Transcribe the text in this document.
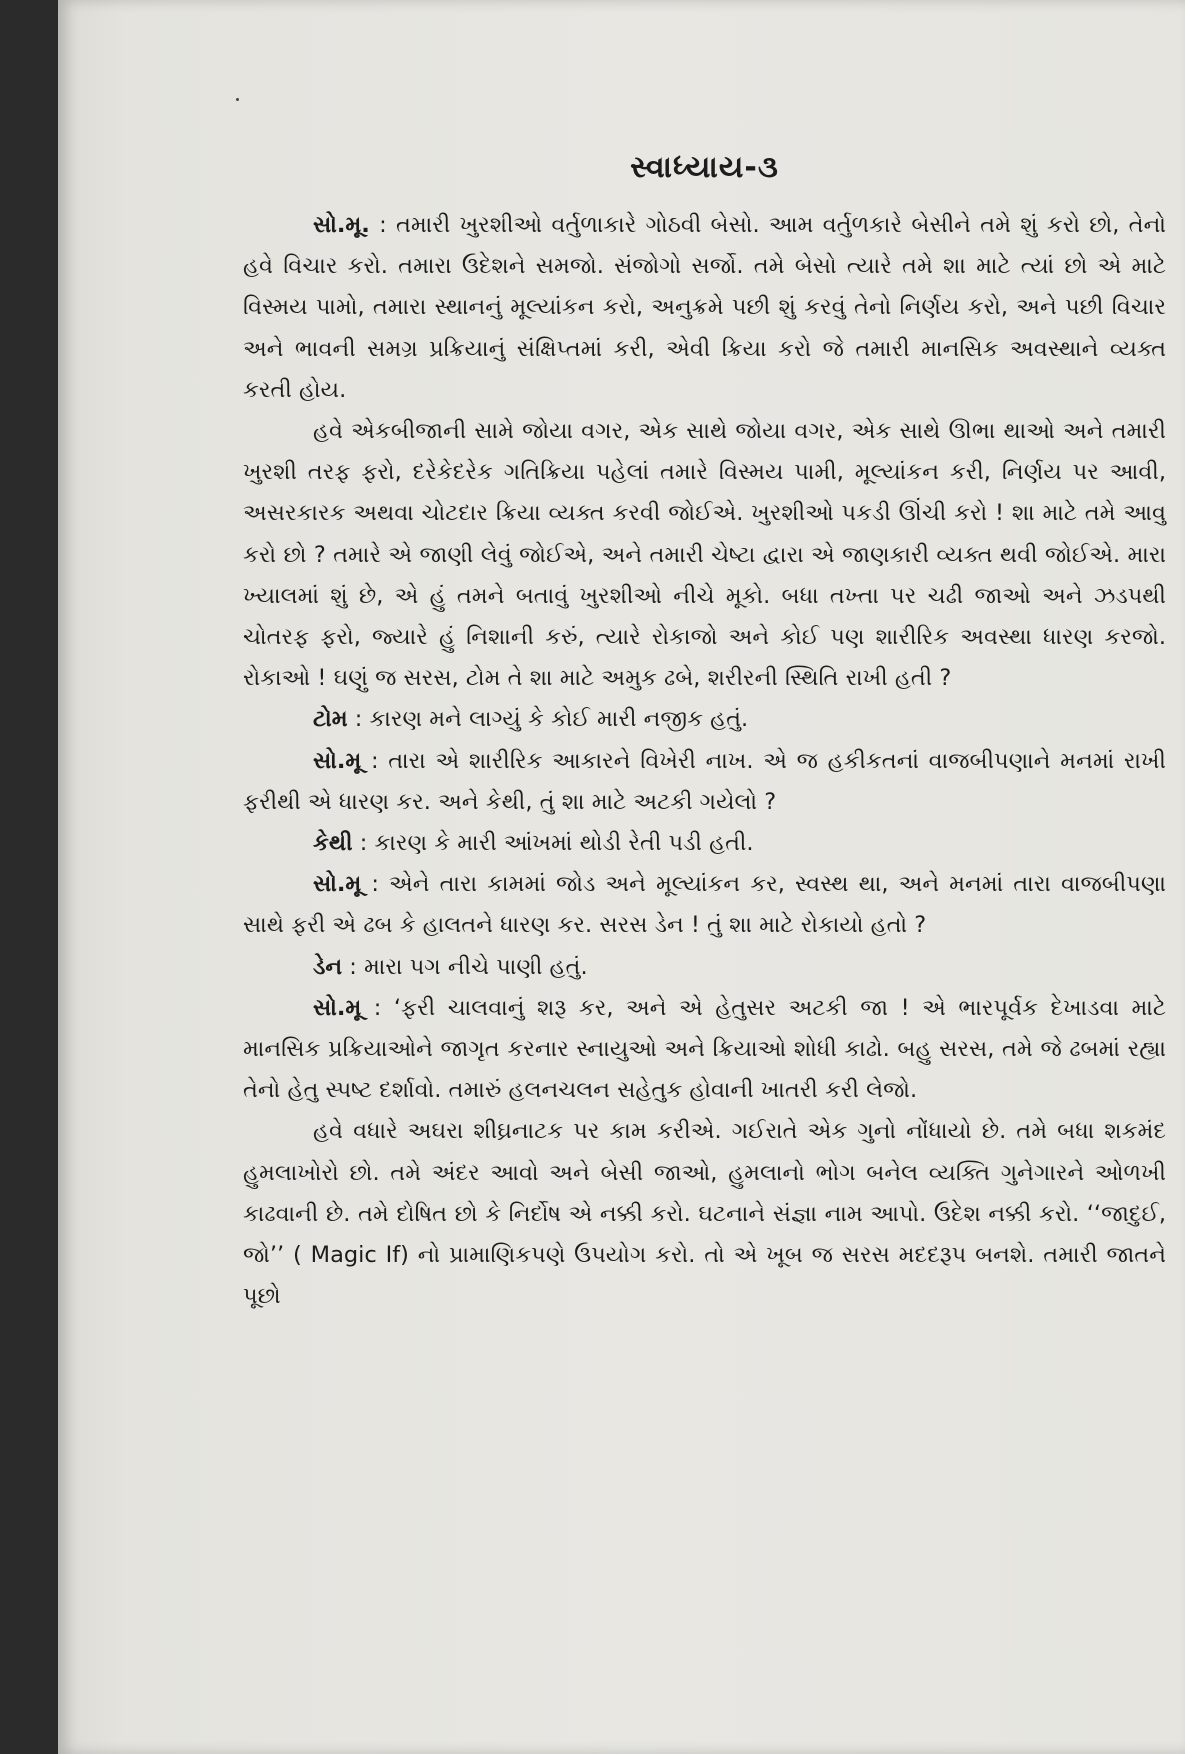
સ્વાધ્યાય-૩

સો.મૂ. : તમારી ખુરશીઓ વર્તુળાકારે ગોઠવી બેસો. આમ વર્તુળકારે બેસીને તમે શું કરો છો, તેનો હવે વિચાર કરો. તમારા ઉદેશને સમજો. સંજોગો સર્જો. તમે બેસો ત્યારે તમે શા માટે ત્યાં છો એ માટે વિસ્મય પામો, તમારા સ્થાનનું મૂલ્યાંકન કરો, અનુક્રમે પછી શું કરવું તેનો નિર્ણય કરો, અને પછી વિચાર અને ભાવની સમગ્ર પ્રક્રિયાનું સંક્ષિપ્તમાં કરી, એવી ક્રિયા કરો જે તમારી માનસિક અવસ્થાને વ્યક્ત કરતી હોય.

હવે એકબીજાની સામે જોયા વગર, એક સાથે જોયા વગર, એક સાથે ઊભા થાઓ અને તમારી ખુરશી તરફ ફરો, દરેકેદરેક ગતિક્રિયા પહેલાં તમારે વિસ્મય પામી, મૂલ્યાંકન કરી, નિર્ણય પર આવી, અસરકારક અથવા ચોટદાર ક્રિયા વ્યક્ત કરવી જોઈએ. ખુરશીઓ પકડી ઊંચી કરો ! શા માટે તમે આવુ કરો છો ? તમારે એ જાણી લેવું જોઈએ, અને તમારી ચેષ્ટા દ્વારા એ જાણકારી વ્યક્ત થવી જોઈએ. મારા ખ્યાલમાં શું છે, એ હું તમને બતાવું ખુરશીઓ નીચે મૂકો. બધા તખ્તા પર ચઢી જાઓ અને ઝડપથી ચોતરફ ફરો, જ્યારે હું નિશાની કરું, ત્યારે રોકાજો અને કોઈ પણ શારીરિક અવસ્થા ધારણ કરજો. રોકાઓ ! ઘણું જ સરસ, ટોમ તે શા માટે અમુક ઢબે, શરીરની સ્થિતિ રાખી હતી ?

ટોમ : કારણ મને લાગ્યું કે કોઈ મારી નજીક હતું.

સો.મૂ : તારા એ શારીરિક આકારને વિખેરી નાખ. એ જ હકીકતનાં વાજબીપણાને મનમાં રાખી ફરીથી એ ધારણ કર. અને કેથી, તું શા માટે અટકી ગયેલો ?

કેથી : કારણ કે મારી આંખમાં થોડી રેતી પડી હતી.

સો.મૂ : એને તારા કામમાં જોડ અને મૂલ્યાંકન કર, સ્વસ્થ થા, અને મનમાં તારા વાજબીપણા સાથે ફરી એ ઢબ કે હાલતને ધારણ કર. સરસ ડેન ! તું શા માટે રોકાયો હતો ?

ડેન : મારા પગ નીચે પાણી હતું.

સો.મૂ : ‘ફરી ચાલવાનું શરૂ કર, અને એ હેતુસર અટકી જા ! એ ભારપૂર્વક દેખાડવા માટે માનસિક પ્રક્રિયાઓને જાગૃત કરનાર સ્નાયુઓ અને ક્રિયાઓ શોધી કાઢો. બહુ સરસ, તમે જે ઢબમાં રહ્યા તેનો હેતુ સ્પષ્ટ દર્શાવો. તમારું હલનચલન સહેતુક હોવાની ખાતરી કરી લેજો.

હવે વધારે અઘરા શીઘ્રનાટક પર કામ કરીએ. ગઈરાતે એક ગુનો નોંધાયો છે. તમે બધા શકમંદ હુમલાખોરો છો. તમે અંદર આવો અને બેસી જાઓ, હુમલાનો ભોગ બનેલ વ્યક્તિ ગુનેગારને ઓળખી કાઢવાની છે. તમે દોષિત છો કે નિર્દોષ એ નક્કી કરો. ઘટનાને સંજ્ઞા નામ આપો. ઉદેશ નક્કી કરો. ‘‘જાદુઈ, જો’’ ( Magic If) નો પ્રામાણિકપણે ઉપયોગ કરો. તો એ ખૂબ જ સરસ મદદરૂપ બનશે. તમારી જાતને પૂછો
